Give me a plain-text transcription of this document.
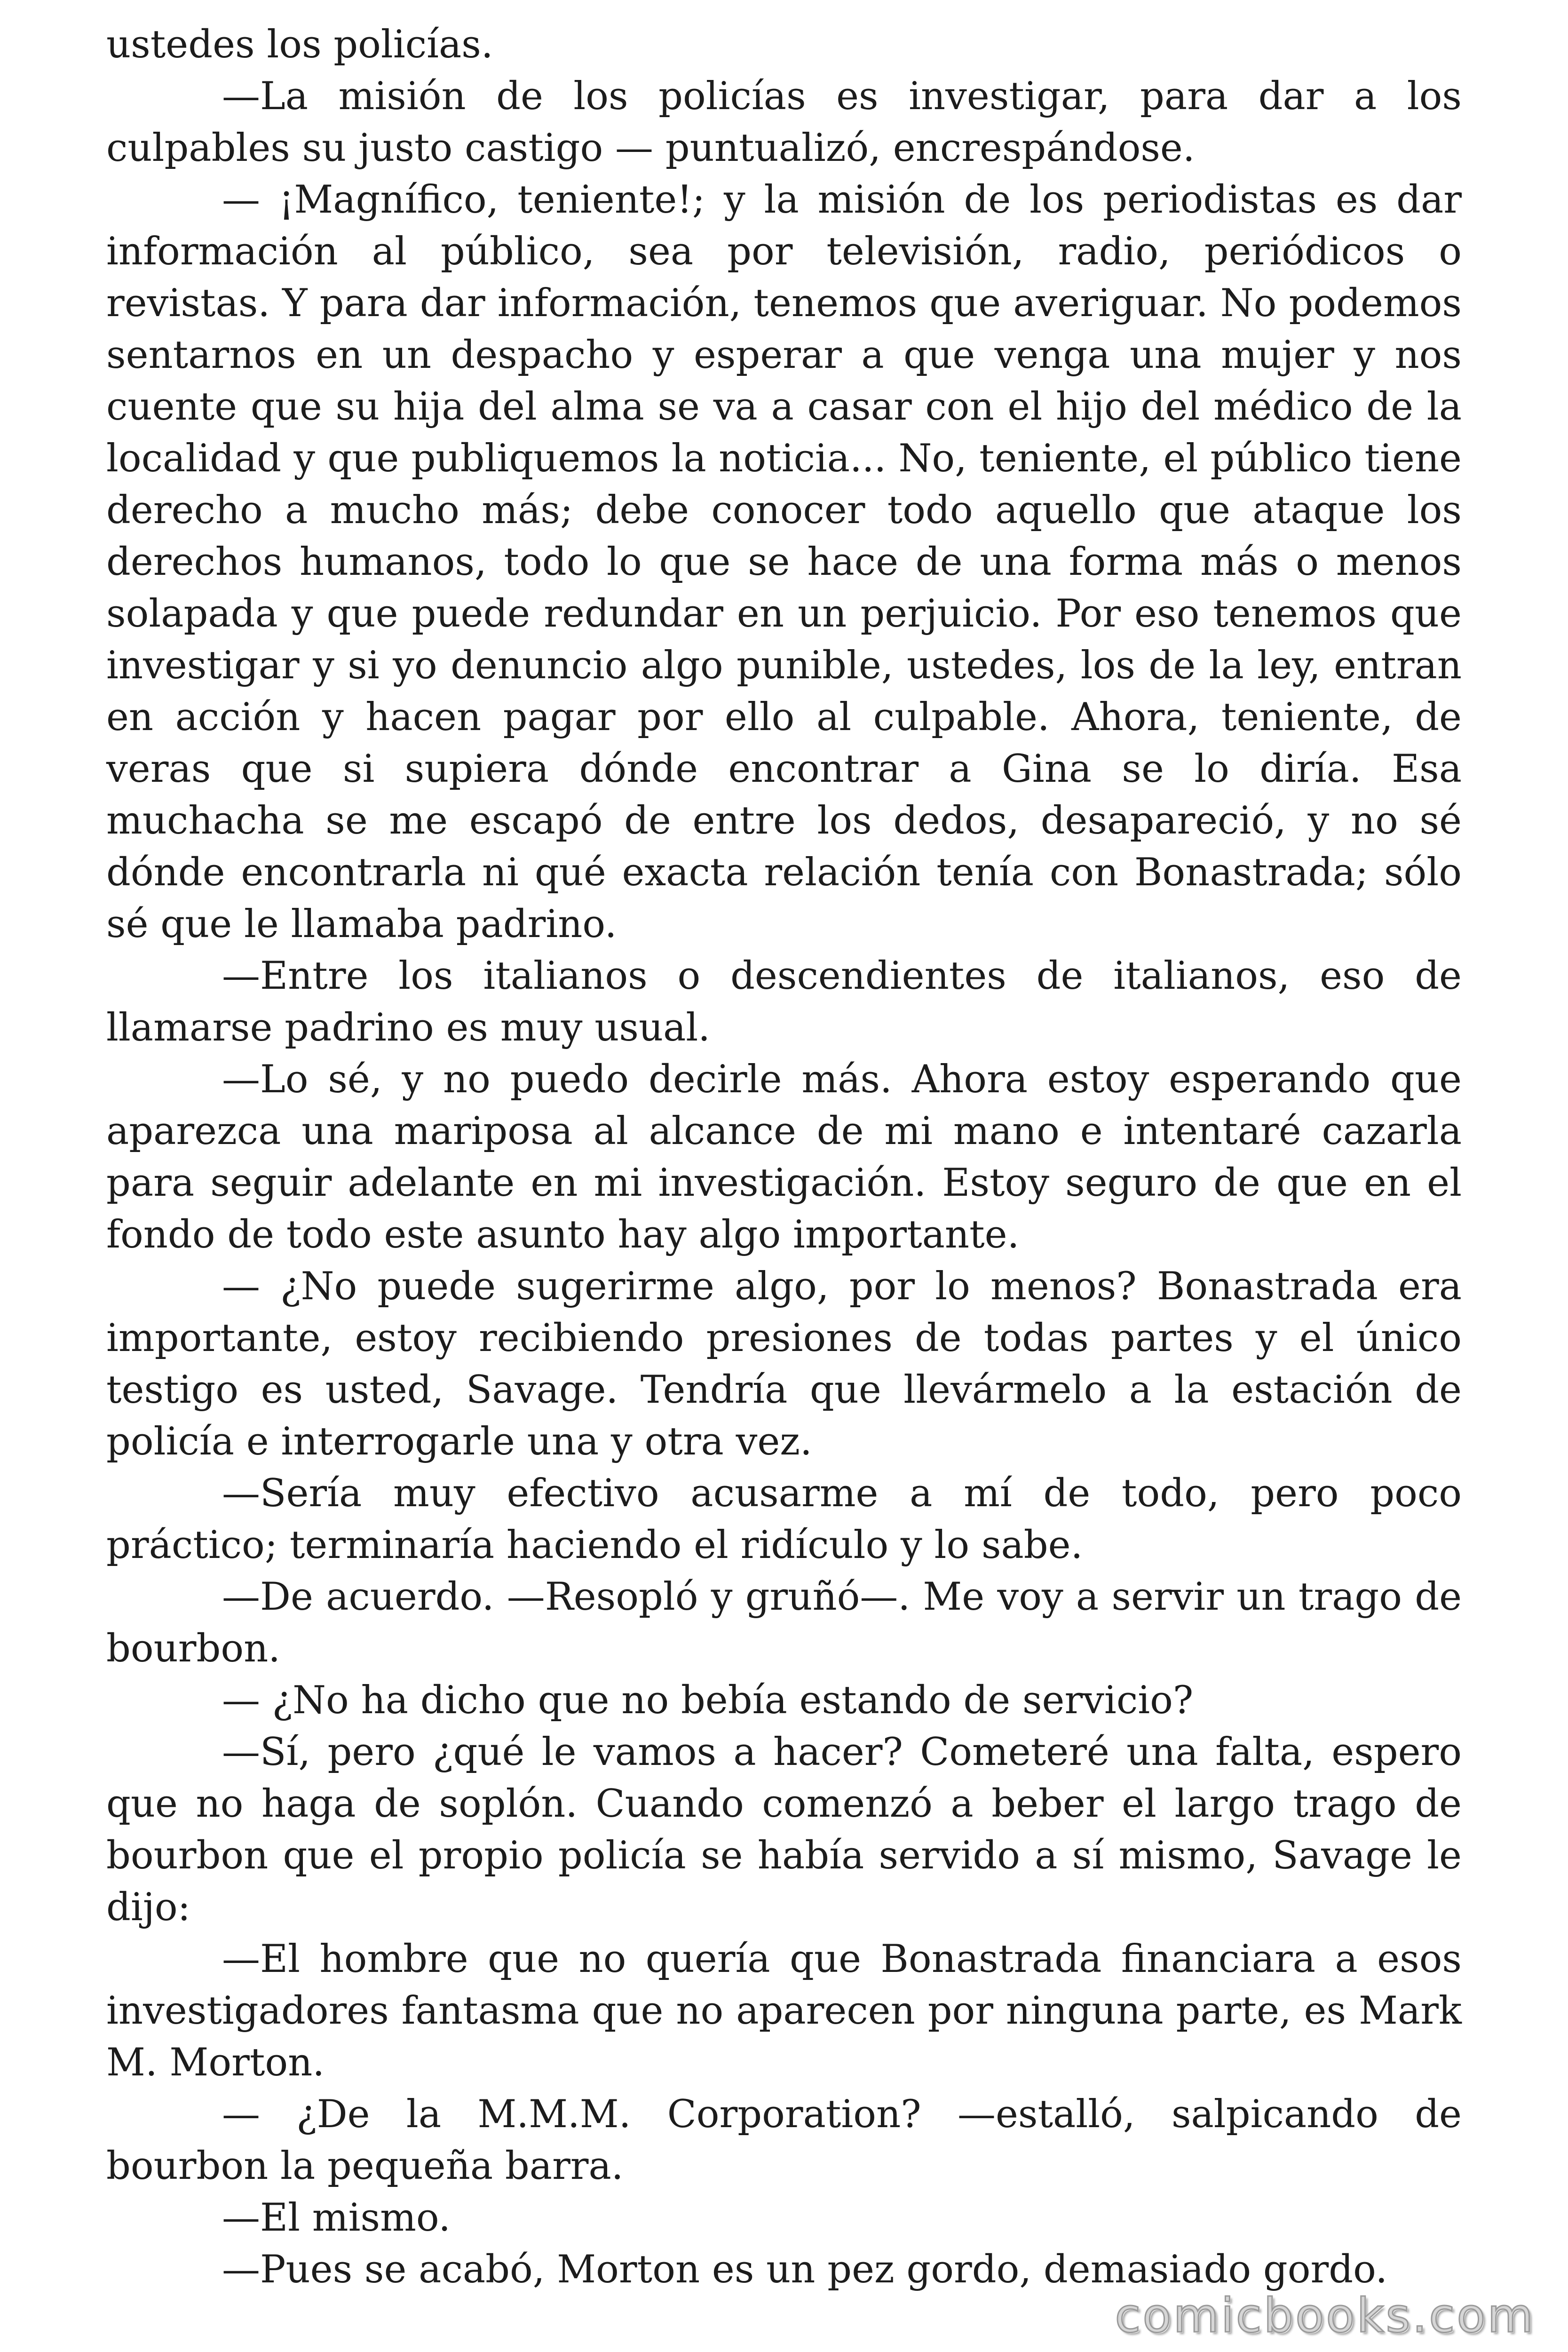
ustedes los policías.

—La misión de los policías es investigar, para dar a los culpables su justo castigo — puntualizó, encrespándose.

— ¡Magnífico, teniente!; y la misión de los periodistas es dar información al público, sea por televisión, radio, periódicos o revistas. Y para dar información, tenemos que averiguar. No podemos sentarnos en un despacho y esperar a que venga una mujer y nos cuente que su hija del alma se va a casar con el hijo del médico de la localidad y que publiquemos la noticia... No, teniente, el público tiene derecho a mucho más; debe conocer todo aquello que ataque los derechos humanos, todo lo que se hace de una forma más o menos solapada y que puede redundar en un perjuicio. Por eso tenemos que investigar y si yo denuncio algo punible, ustedes, los de la ley, entran en acción y hacen pagar por ello al culpable. Ahora, teniente, de veras que si supiera dónde encontrar a Gina se lo diría. Esa muchacha se me escapó de entre los dedos, desapareció, y no sé dónde encontrarla ni qué exacta relación tenía con Bonastrada; sólo sé que le llamaba padrino.

—Entre los italianos o descendientes de italianos, eso de llamarse padrino es muy usual.

—Lo sé, y no puedo decirle más. Ahora estoy esperando que aparezca una mariposa al alcance de mi mano e intentaré cazarla para seguir adelante en mi investigación. Estoy seguro de que en el fondo de todo este asunto hay algo importante.

— ¿No puede sugerirme algo, por lo menos? Bonastrada era importante, estoy recibiendo presiones de todas partes y el único testigo es usted, Savage. Tendría que llevármelo a la estación de policía e interrogarle una y otra vez.

—Sería muy efectivo acusarme a mí de todo, pero poco práctico; terminaría haciendo el ridículo y lo sabe.

—De acuerdo. —Resopló y gruñó—. Me voy a servir un trago de bourbon.

— ¿No ha dicho que no bebía estando de servicio?

—Sí, pero ¿qué le vamos a hacer? Cometeré una falta, espero que no haga de soplón. Cuando comenzó a beber el largo trago de bourbon que el propio policía se había servido a sí mismo, Savage le dijo:

—El hombre que no quería que Bonastrada financiara a esos investigadores fantasma que no aparecen por ninguna parte, es Mark M. Morton.

— ¿De la M.M.M. Corporation? —estalló, salpicando de bourbon la pequeña barra.

—El mismo.

—Pues se acabó, Morton es un pez gordo, demasiado gordo.

comicbooks.com
